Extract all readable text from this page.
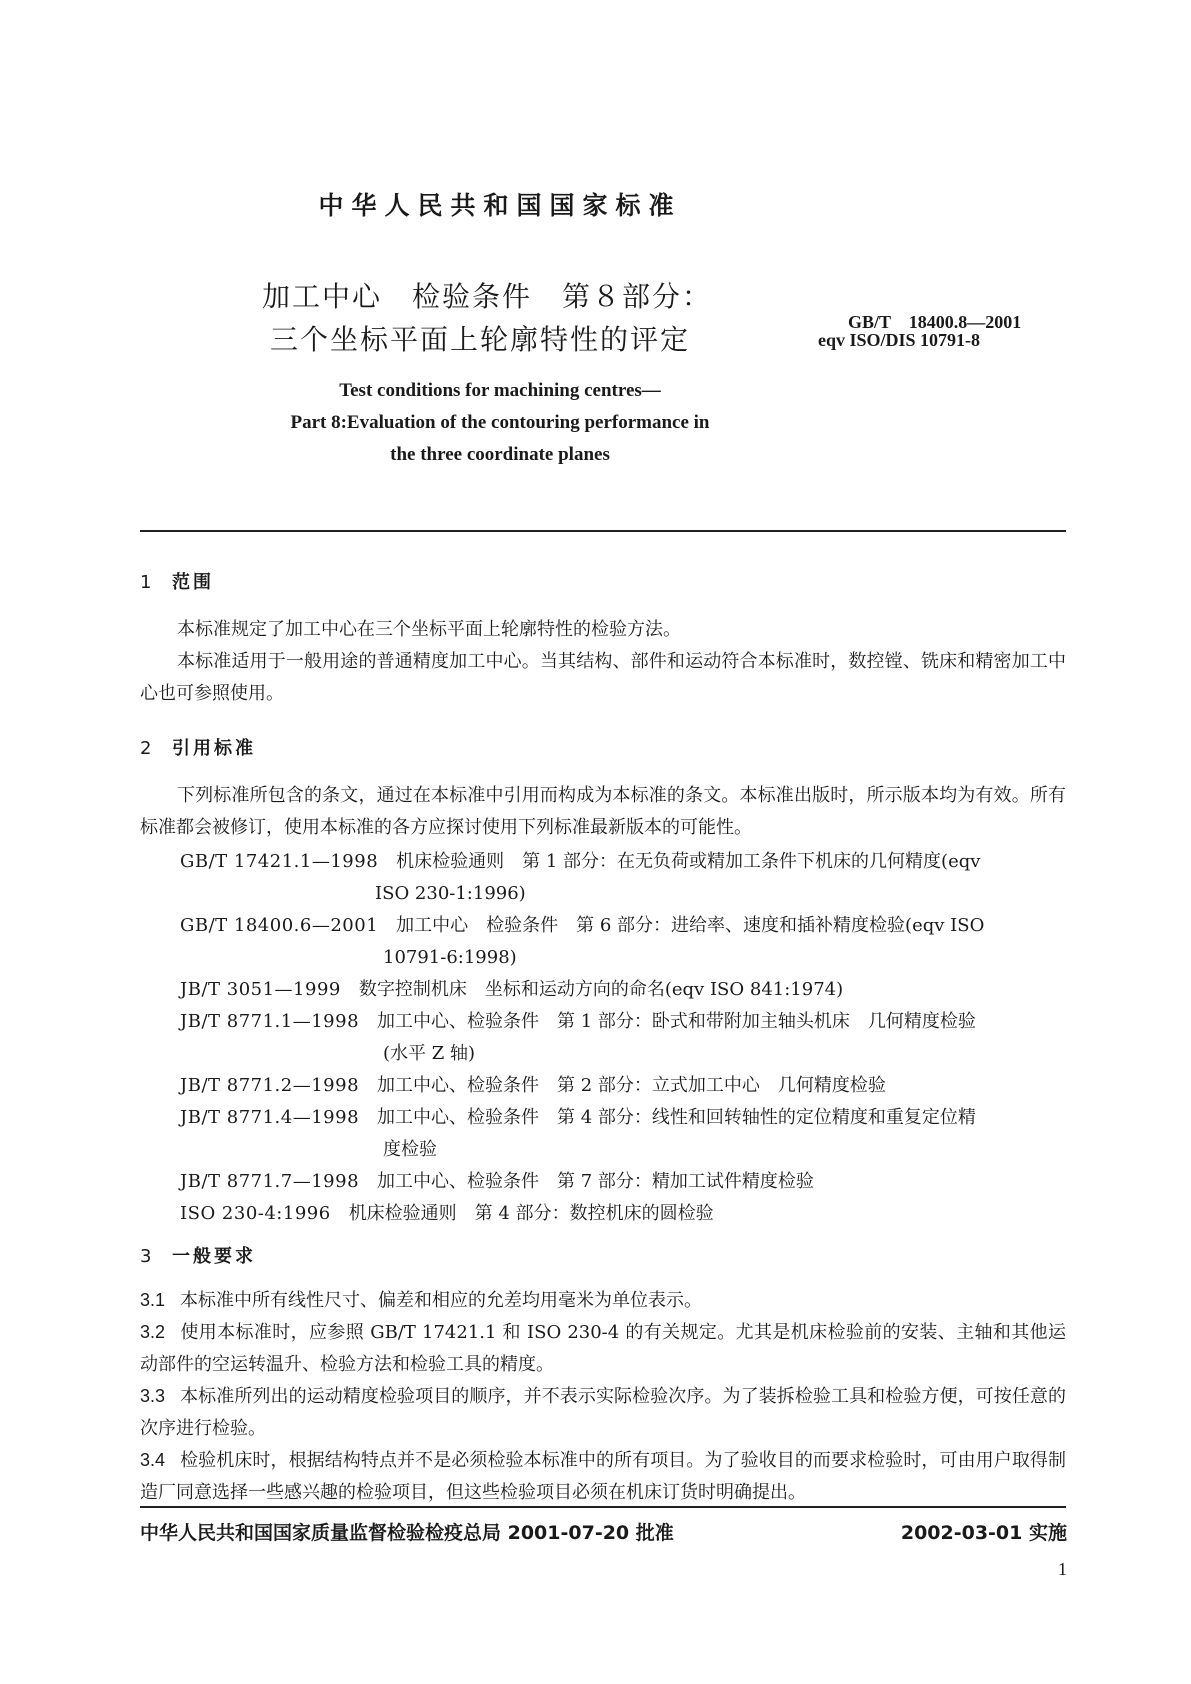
中华人民共和国国家标准
加工中心　检验条件　第８部分：
三个坐标平面上轮廓特性的评定
GB/T　18400.8—2001
eqv ISO/DIS 10791-8
Test conditions for machining centres—
Part 8:Evaluation of the contouring performance in
the three coordinate planes
1 范围
本标准规定了加工中心在三个坐标平面上轮廓特性的检验方法。
本标准适用于一般用途的普通精度加工中心。当其结构、部件和运动符合本标准时，数控镗、铣床和精密加工中心也可参照使用。
2 引用标准
下列标准所包含的条文，通过在本标准中引用而构成为本标准的条文。本标准出版时，所示版本均为有效。所有标准都会被修订，使用本标准的各方应探讨使用下列标准最新版本的可能性。
GB/T 17421.1—1998　 机床检验通则　第 1 部分：在无负荷或精加工条件下机床的几何精度(eqv
ISO 230-1:1996)
GB/T 18400.6—2001　 加工中心　检验条件　第 6 部分：进给率、速度和插补精度检验(eqv ISO
10791-6:1998)
JB/T 3051—1999　 数字控制机床　坐标和运动方向的命名(eqv ISO 841:1974)
JB/T 8771.1—1998　 加工中心、检验条件　第 1 部分：卧式和带附加主轴头机床　几何精度检验
(水平 Z 轴)
JB/T 8771.2—1998　 加工中心、检验条件　第 2 部分：立式加工中心　几何精度检验
JB/T 8771.4—1998　 加工中心、检验条件　第 4 部分：线性和回转轴性的定位精度和重复定位精
度检验
JB/T 8771.7—1998　 加工中心、检验条件　第 7 部分：精加工试件精度检验
ISO 230-4:1996　 机床检验通则　第 4 部分：数控机床的圆检验
3 一般要求
3.1 本标准中所有线性尺寸、偏差和相应的允差均用毫米为单位表示。
3.2 使用本标准时，应参照 GB/T 17421.1 和 ISO 230-4 的有关规定。尤其是机床检验前的安装、主轴和其他运动部件的空运转温升、检验方法和检验工具的精度。
3.3 本标准所列出的运动精度检验项目的顺序，并不表示实际检验次序。为了装拆检验工具和检验方便，可按任意的次序进行检验。
3.4 检验机床时，根据结构特点并不是必须检验本标准中的所有项目。为了验收目的而要求检验时，可由用户取得制造厂同意选择一些感兴趣的检验项目，但这些检验项目必须在机床订货时明确提出。
中华人民共和国国家质量监督检验检疫总局 2001-07-20 批准	2002-03-01 实施
1
